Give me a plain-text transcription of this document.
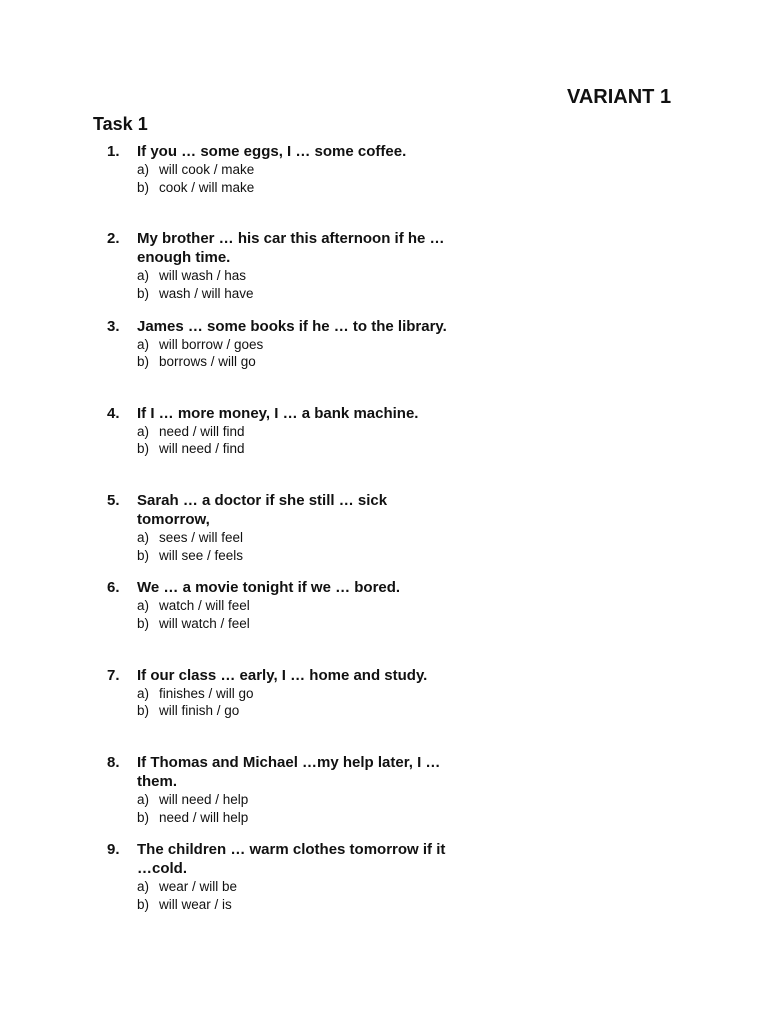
VARIANT 1
Task 1
1. If you … some eggs, I … some coffee.
a) will cook / make
b) cook / will make
2. My brother … his car this afternoon if he … enough time.
a) will wash / has
b) wash / will have
3. James … some books if he … to the library.
a) will borrow / goes
b) borrows / will go
4. If I … more money, I … a bank machine.
a) need / will find
b) will need / find
5. Sarah … a doctor if she still … sick tomorrow,
a) sees / will feel
b) will see / feels
6. We … a movie tonight if we … bored.
a) watch / will feel
b) will watch / feel
7. If our class … early, I … home and study.
a) finishes / will go
b) will finish / go
8. If Thomas and Michael …my help later, I … them.
a) will need / help
b) need / will help
9. The children … warm clothes tomorrow if it …cold.
a) wear / will be
b) will wear / is
